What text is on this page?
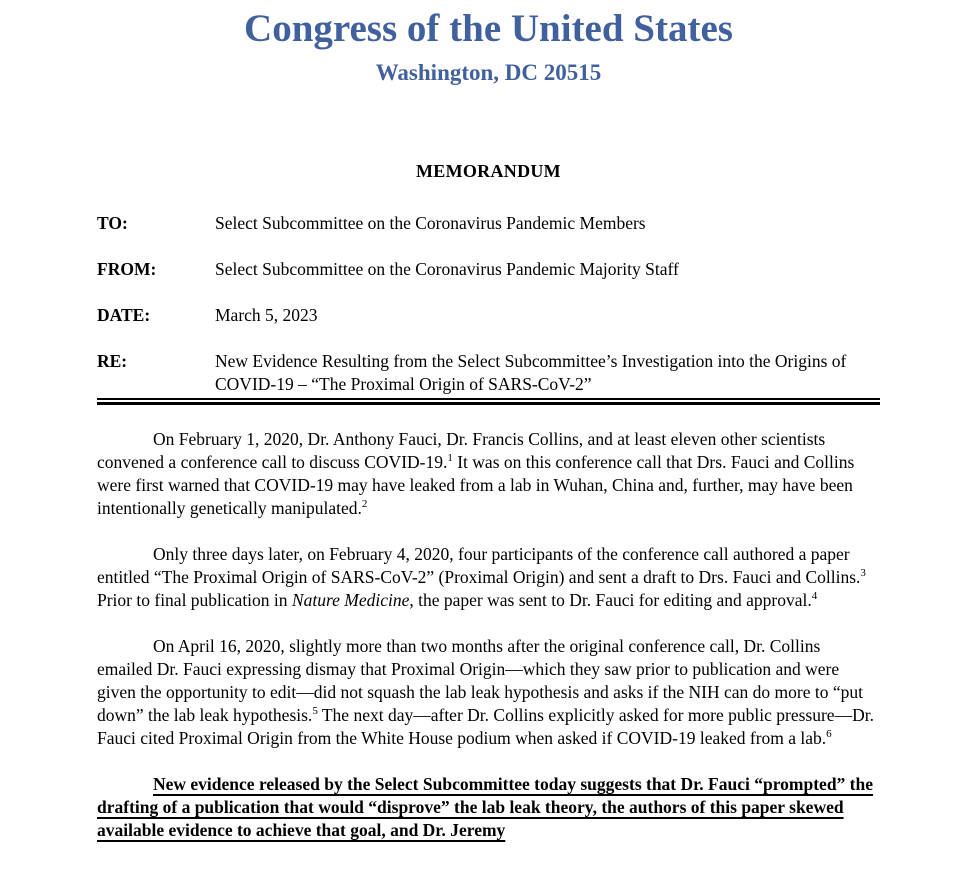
Congress of the United States
Washington, DC 20515
MEMORANDUM
TO:	Select Subcommittee on the Coronavirus Pandemic Members
FROM:	Select Subcommittee on the Coronavirus Pandemic Majority Staff
DATE:	March 5, 2023
RE:	New Evidence Resulting from the Select Subcommittee’s Investigation into the Origins of COVID-19 – “The Proximal Origin of SARS-CoV-2”

On February 1, 2020, Dr. Anthony Fauci, Dr. Francis Collins, and at least eleven other scientists convened a conference call to discuss COVID-19.$^1$ It was on this conference call that Drs. Fauci and Collins were first warned that COVID-19 may have leaked from a lab in Wuhan, China and, further, may have been intentionally genetically manipulated.$^2$

Only three days later, on February 4, 2020, four participants of the conference call authored a paper entitled “The Proximal Origin of SARS-CoV-2” (Proximal Origin) and sent a draft to Drs. Fauci and Collins.$^3$ Prior to final publication in Nature Medicine, the paper was sent to Dr. Fauci for editing and approval.$^4$

On April 16, 2020, slightly more than two months after the original conference call, Dr. Collins emailed Dr. Fauci expressing dismay that Proximal Origin—which they saw prior to publication and were given the opportunity to edit—did not squash the lab leak hypothesis and asks if the NIH can do more to “put down” the lab leak hypothesis.$^5$ The next day—after Dr. Collins explicitly asked for more public pressure—Dr. Fauci cited Proximal Origin from the White House podium when asked if COVID-19 leaked from a lab.$^6$

New evidence released by the Select Subcommittee today suggests that Dr. Fauci “prompted” the drafting of a publication that would “disprove” the lab leak theory, the authors of this paper skewed available evidence to achieve that goal, and Dr. Jeremy
